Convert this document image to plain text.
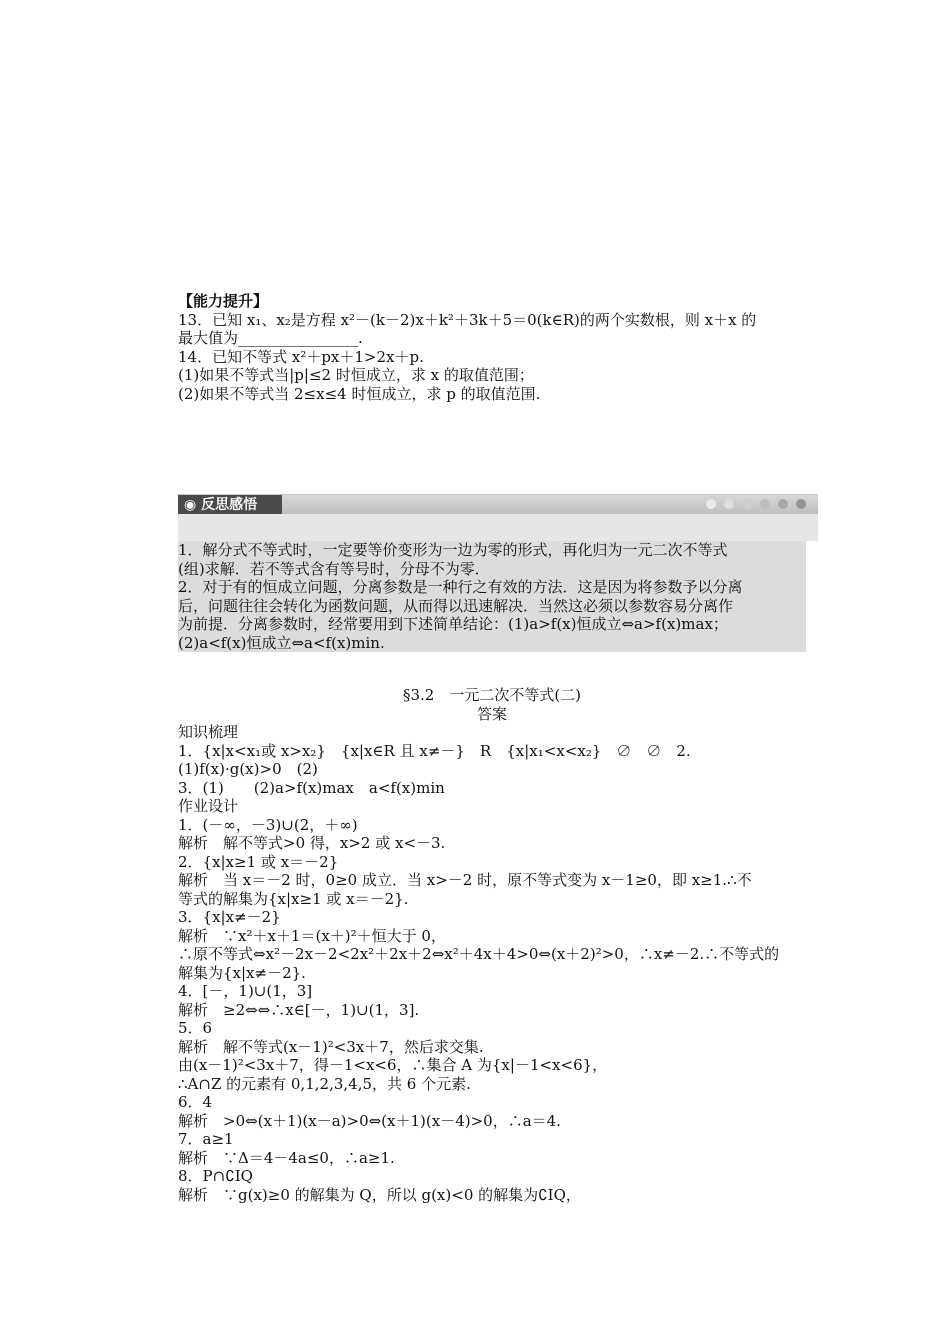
【能力提升】
13．已知 x₁、x₂是方程 x²－(k－2)x＋k²＋3k＋5＝0(k∈R)的两个实数根，则 x＋x 的
最大值为________________.
14．已知不等式 x²＋px＋1>2x＋p.
(1)如果不等式当|p|≤2 时恒成立，求 x 的取值范围；
(2)如果不等式当 2≤x≤4 时恒成立，求 p 的取值范围.
◉ 反思感悟
1．解分式不等式时，一定要等价变形为一边为零的形式，再化归为一元二次不等式
(组)求解．若不等式含有等号时，分母不为零．
2．对于有的恒成立问题，分离参数是一种行之有效的方法．这是因为将参数予以分离
后，问题往往会转化为函数问题，从而得以迅速解决．当然这必须以参数容易分离作
为前提．分离参数时，经常要用到下述简单结论：(1)a>f(x)恒成立⇔a>f(x)max；
(2)a<f(x)恒成立⇔a<f(x)min.
§3.2　一元二次不等式(二)
答案
知识梳理
1．{x|x<x₁或 x>x₂}　{x|x∈R 且 x≠－}　R　{x|x₁<x<x₂}　∅　∅　2.
(1)f(x)·g(x)>0　(2)
3．(1)　　(2)a>f(x)max　a<f(x)min
作业设计
1．(－∞，－3)∪(2，＋∞)
解析　解不等式>0 得，x>2 或 x<－3.
2．{x|x≥1 或 x＝－2}
解析　当 x＝－2 时，0≥0 成立．当 x>－2 时，原不等式变为 x－1≥0，即 x≥1.∴不
等式的解集为{x|x≥1 或 x＝－2}.
3．{x|x≠－2}
解析　∵x²＋x＋1＝(x＋)²＋恒大于 0，
∴原不等式⇔x²－2x－2<2x²＋2x＋2⇔x²＋4x＋4>0⇔(x＋2)²>0，∴x≠－2.∴不等式的
解集为{x|x≠－2}.
4．[－，1)∪(1，3]
解析　≥2⇔⇔∴x∈[－，1)∪(1，3].
5．6
解析　解不等式(x－1)²<3x＋7，然后求交集.
由(x－1)²<3x＋7，得－1<x<6，∴集合 A 为{x|－1<x<6}，
∴A∩Z 的元素有 0,1,2,3,4,5，共 6 个元素.
6．4
解析　>0⇔(x＋1)(x－a)>0⇔(x＋1)(x－4)>0，∴a＝4.
7．a≥1
解析　∵Δ＝4－4a≤0，∴a≥1.
8．P∩∁IQ
解析　∵g(x)≥0 的解集为 Q，所以 g(x)<0 的解集为∁IQ，
